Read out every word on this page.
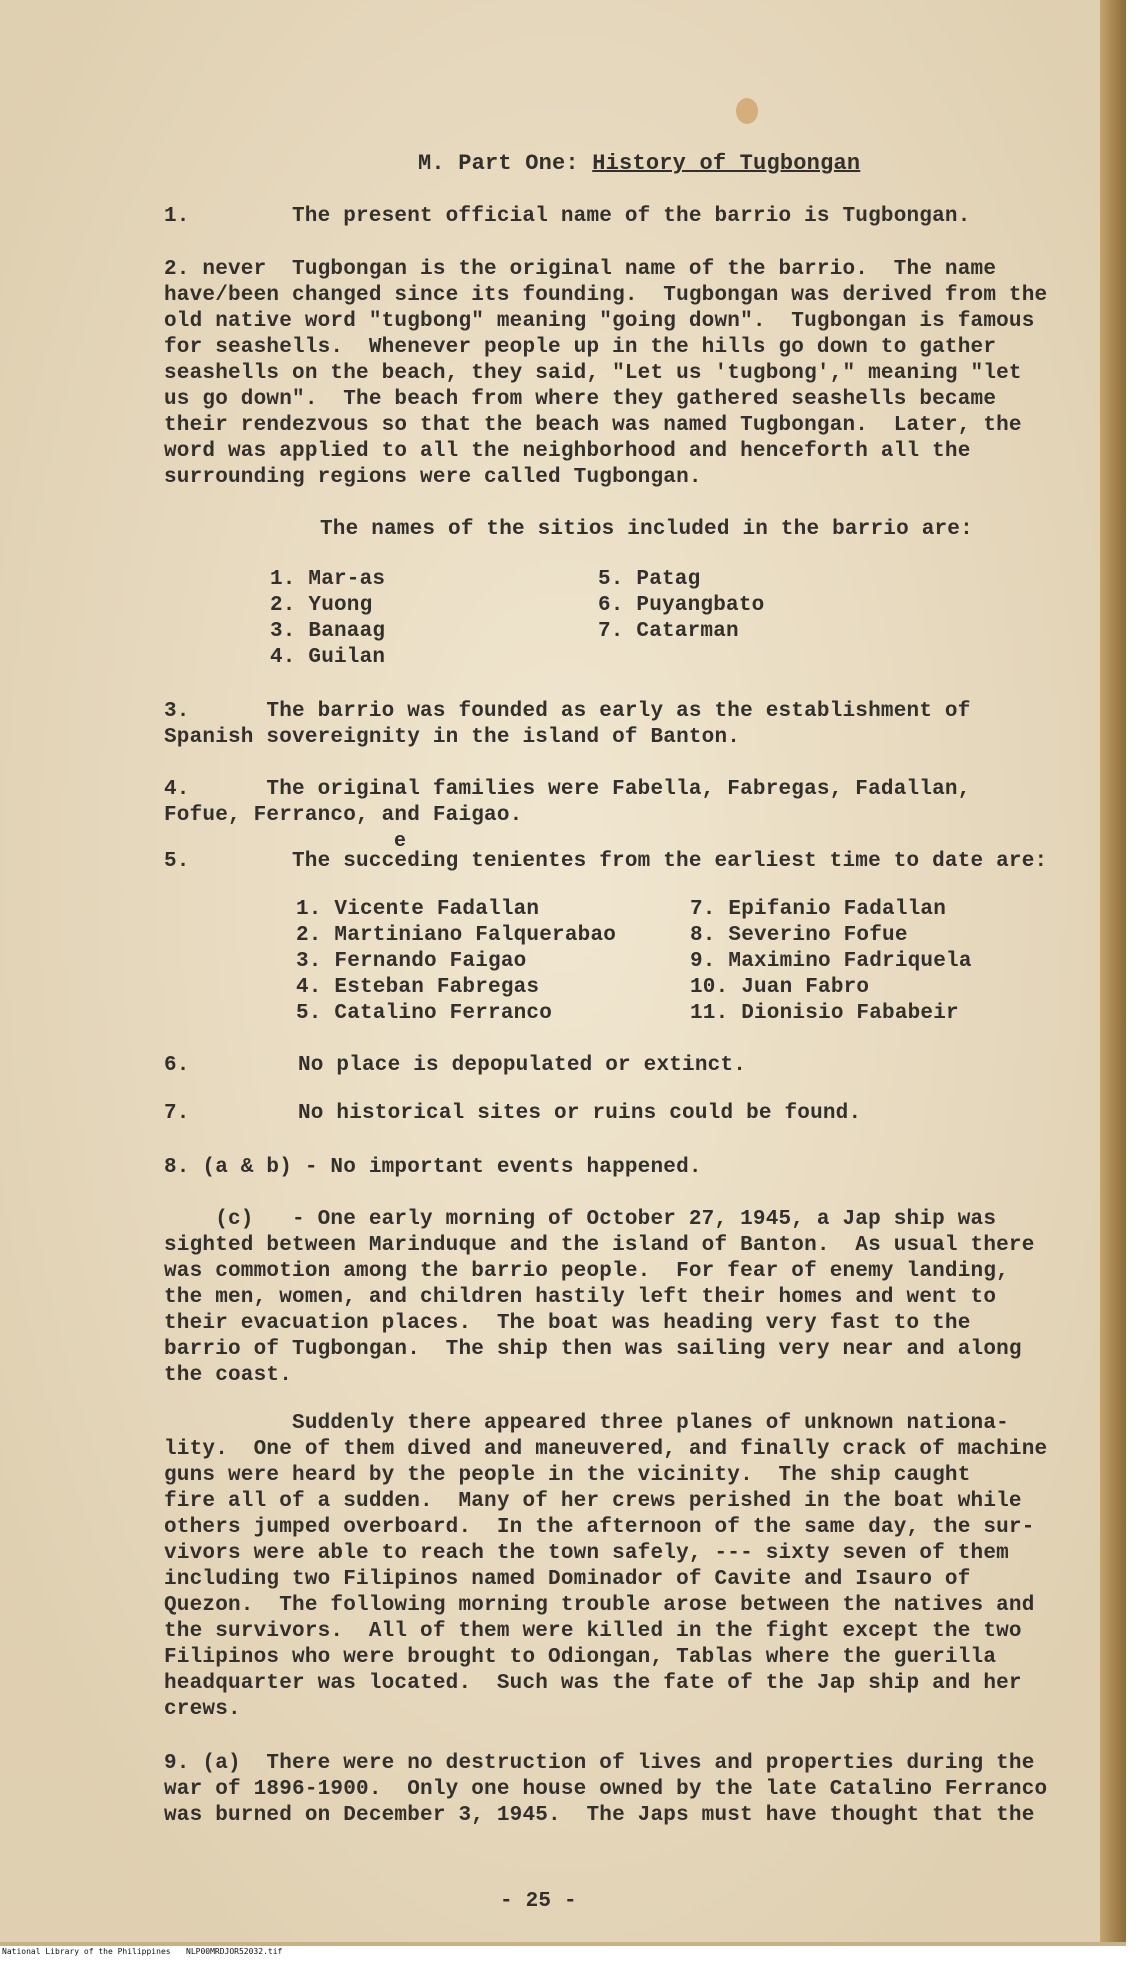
M. Part One: History of Tugbongan
1.	The present official name of the barrio is Tugbongan.
2. never  Tugbongan is the original name of the barrio.  The name
have/been changed since its founding.  Tugbongan was derived from the
old native word "tugbong" meaning "going down".  Tugbongan is famous
for seashells.  Whenever people up in the hills go down to gather
seashells on the beach, they said, "Let us 'tugbong'," meaning "let
us go down".  The beach from where they gathered seashells became
their rendezvous so that the beach was named Tugbongan.  Later, the
word was applied to all the neighborhood and henceforth all the
surrounding regions were called Tugbongan.
The names of the sitios included in the barrio are:
1. Mar-as
2. Yuong
3. Banaag
4. Guilan
5. Patag
6. Puyangbato
7. Catarman
3.      The barrio was founded as early as the establishment of
Spanish sovereignity in the island of Banton.
4.      The original families were Fabella, Fabregas, Fadallan,
Fofue, Ferranco, and Faigao.
e
5.	The succeding tenientes from the earliest time to date are:
1. Vicente Fadallan
2. Martiniano Falquerabao
3. Fernando Faigao
4. Esteban Fabregas
5. Catalino Ferranco
7. Epifanio Fadallan
8. Severino Fofue
9. Maximino Fadriquela
10. Juan Fabro
11. Dionisio Fababeir
6.	No place is depopulated or extinct.
7.	No historical sites or ruins could be found.
8. (a & b) - No important events happened.
(c)   - One early morning of October 27, 1945, a Jap ship was
sighted between Marinduque and the island of Banton.  As usual there
was commotion among the barrio people.  For fear of enemy landing,
the men, women, and children hastily left their homes and went to
their evacuation places.  The boat was heading very fast to the
barrio of Tugbongan.  The ship then was sailing very near and along
the coast.
Suddenly there appeared three planes of unknown nationa-
lity.  One of them dived and maneuvered, and finally crack of machine
guns were heard by the people in the vicinity.  The ship caught
fire all of a sudden.  Many of her crews perished in the boat while
others jumped overboard.  In the afternoon of the same day, the sur-
vivors were able to reach the town safely, --- sixty seven of them
including two Filipinos named Dominador of Cavite and Isauro of
Quezon.  The following morning trouble arose between the natives and
the survivors.  All of them were killed in the fight except the two
Filipinos who were brought to Odiongan, Tablas where the guerilla
headquarter was located.  Such was the fate of the Jap ship and her
crews.
9. (a)  There were no destruction of lives and properties during the
war of 1896-1900.  Only one house owned by the late Catalino Ferranco
was burned on December 3, 1945.  The Japs must have thought that the
- 25 -

National Library of the Philippines

NLP00MRDJOR52032.tif
